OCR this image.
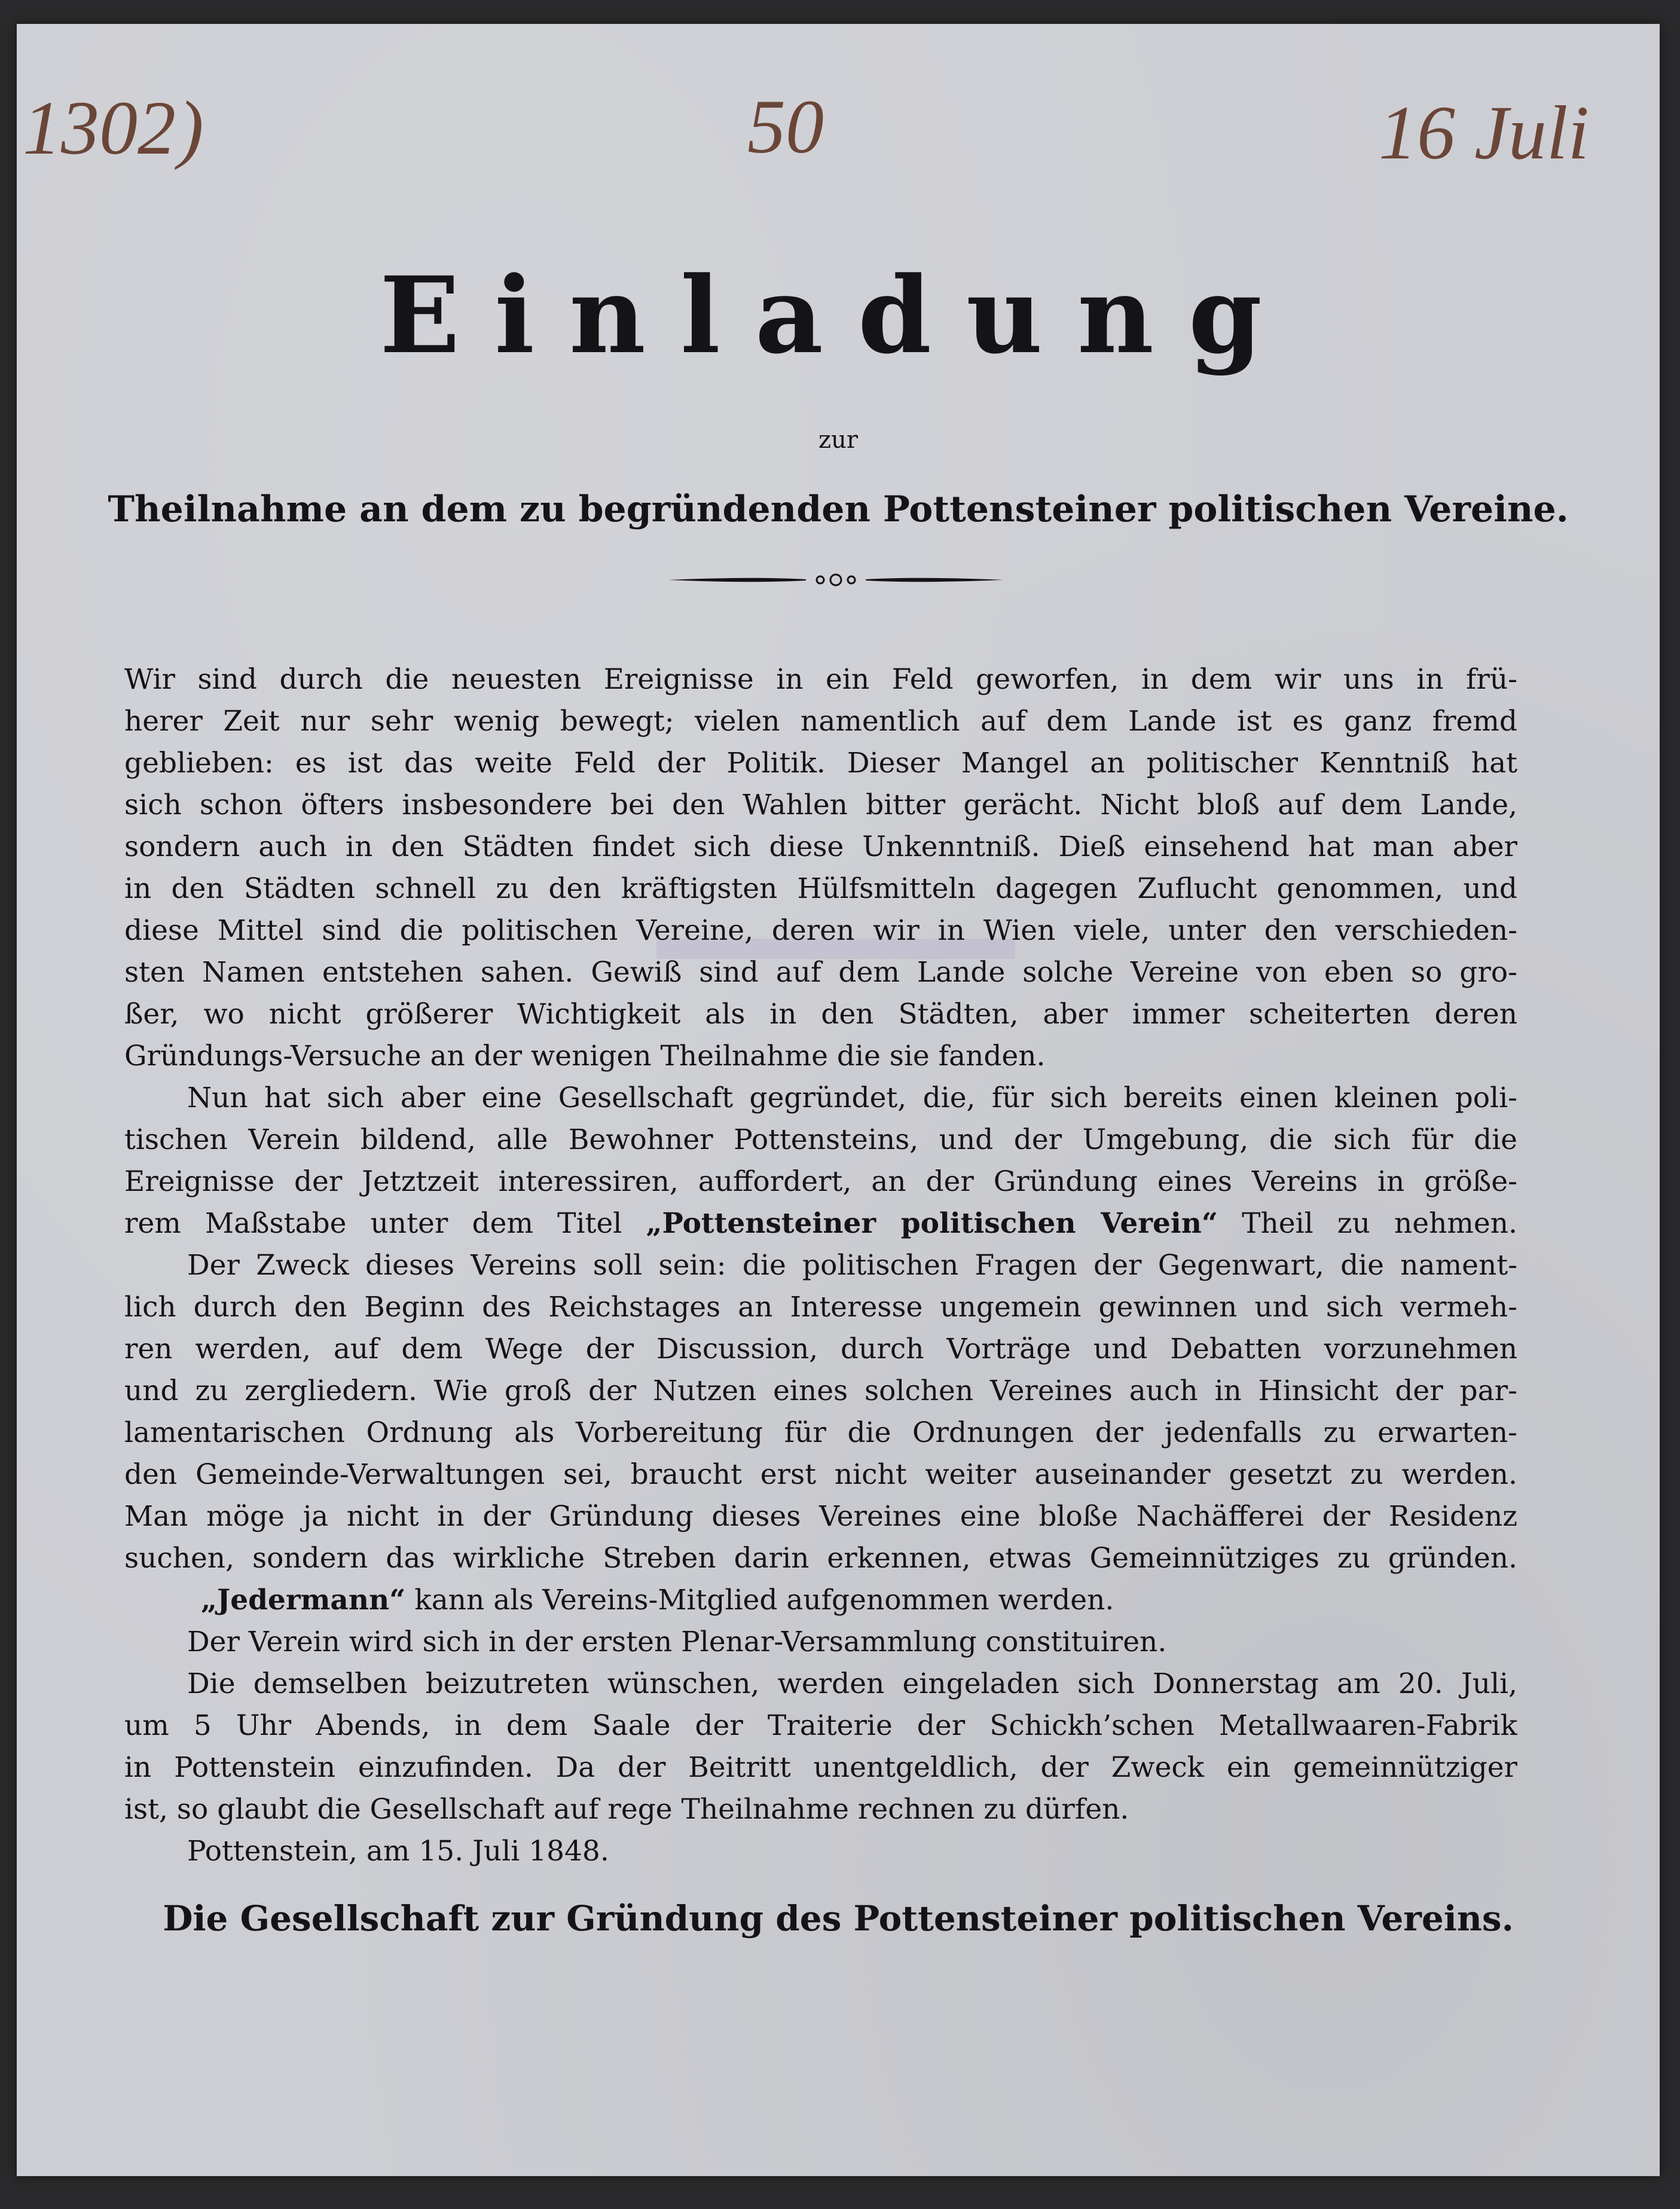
1302)	50	16 Juli
Einladung
zur
Theilnahme an dem zu begründenden Pottensteiner politischen Vereine.
Wir sind durch die neuesten Ereignisse in ein Feld geworfen, in dem wir uns in frü-
herer Zeit nur sehr wenig bewegt; vielen namentlich auf dem Lande ist es ganz fremd
geblieben: es ist das weite Feld der Politik. Dieser Mangel an politischer Kenntniß hat
sich schon öfters insbesondere bei den Wahlen bitter gerächt. Nicht bloß auf dem Lande,
sondern auch in den Städten findet sich diese Unkenntniß. Dieß einsehend hat man aber
in den Städten schnell zu den kräftigsten Hülfsmitteln dagegen Zuflucht genommen, und
diese Mittel sind die politischen Vereine, deren wir in Wien viele, unter den verschieden-
sten Namen entstehen sahen. Gewiß sind auf dem Lande solche Vereine von eben so gro-
ßer, wo nicht größerer Wichtigkeit als in den Städten, aber immer scheiterten deren
Gründungs-Versuche an der wenigen Theilnahme die sie fanden.
Nun hat sich aber eine Gesellschaft gegründet, die, für sich bereits einen kleinen poli-
tischen Verein bildend, alle Bewohner Pottensteins, und der Umgebung, die sich für die
Ereignisse der Jetztzeit interessiren, auffordert, an der Gründung eines Vereins in größe-
rem Maßstabe unter dem Titel „Pottensteiner politischen Verein“ Theil zu nehmen.
Der Zweck dieses Vereins soll sein: die politischen Fragen der Gegenwart, die nament-
lich durch den Beginn des Reichstages an Interesse ungemein gewinnen und sich vermeh-
ren werden, auf dem Wege der Discussion, durch Vorträge und Debatten vorzunehmen
und zu zergliedern. Wie groß der Nutzen eines solchen Vereines auch in Hinsicht der par-
lamentarischen Ordnung als Vorbereitung für die Ordnungen der jedenfalls zu erwarten-
den Gemeinde-Verwaltungen sei, braucht erst nicht weiter auseinander gesetzt zu werden.
Man möge ja nicht in der Gründung dieses Vereines eine bloße Nachäfferei der Residenz
suchen, sondern das wirkliche Streben darin erkennen, etwas Gemeinnütziges zu gründen.
„Jedermann“ kann als Vereins-Mitglied aufgenommen werden.
Der Verein wird sich in der ersten Plenar-Versammlung constituiren.
Die demselben beizutreten wünschen, werden eingeladen sich Donnerstag am 20. Juli,
um 5 Uhr Abends, in dem Saale der Traiterie der Schickh’schen Metallwaaren-Fabrik
in Pottenstein einzufinden. Da der Beitritt unentgeldlich, der Zweck ein gemeinnütziger
ist, so glaubt die Gesellschaft auf rege Theilnahme rechnen zu dürfen.
Pottenstein, am 15. Juli 1848.
Die Gesellschaft zur Gründung des Pottensteiner politischen Vereins.
